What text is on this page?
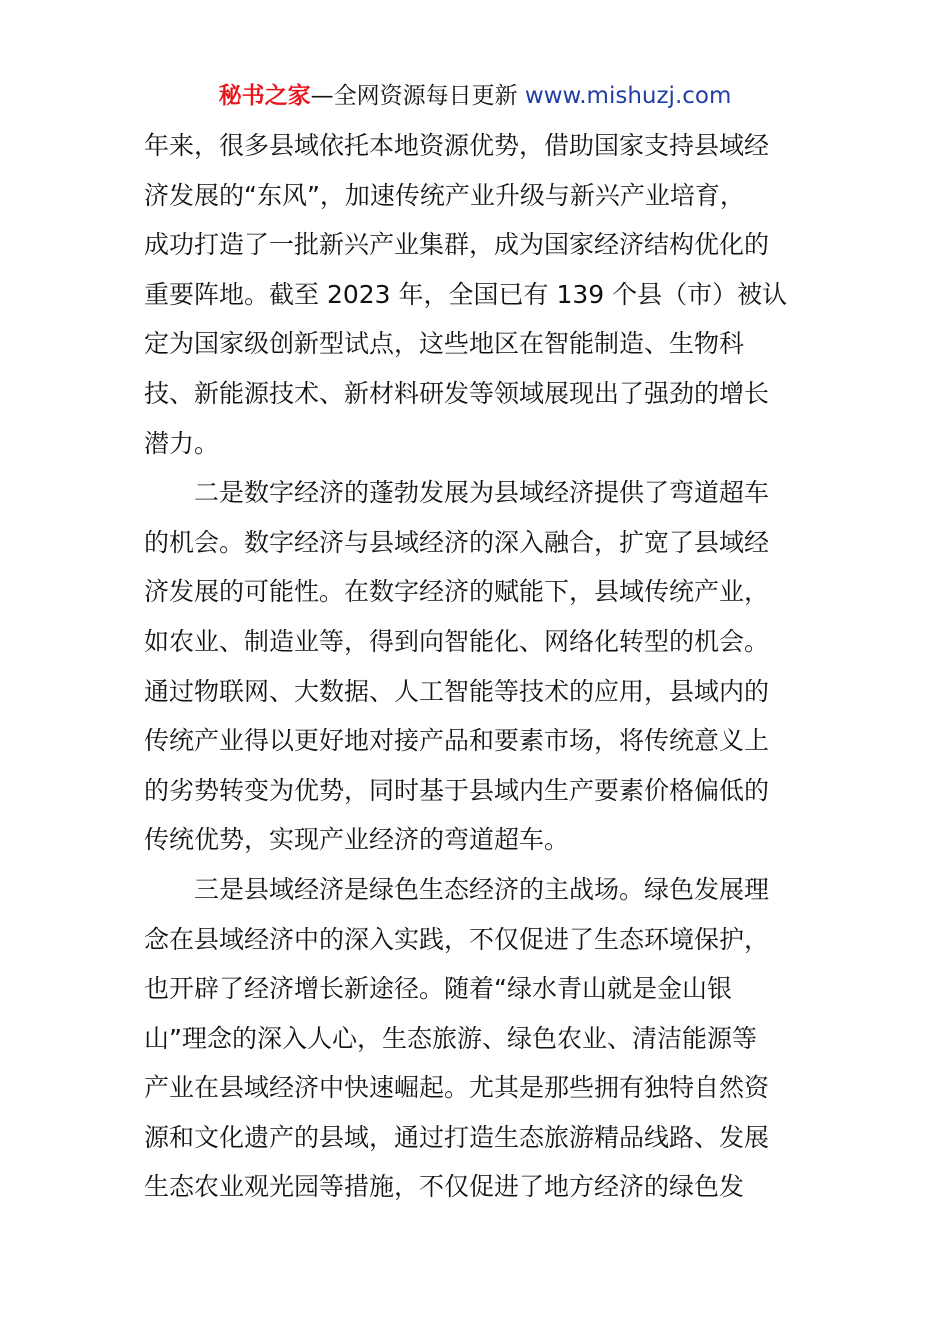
秘书之家—全网资源每日更新 www.mishuzj.com
年来，很多县域依托本地资源优势，借助国家支持县域经
济发展的“东风”，加速传统产业升级与新兴产业培育，
成功打造了一批新兴产业集群，成为国家经济结构优化的
重要阵地。截至 2023 年，全国已有 139 个县（市）被认
定为国家级创新型试点，这些地区在智能制造、生物科
技、新能源技术、新材料研发等领域展现出了强劲的增长
潜力。
二是数字经济的蓬勃发展为县域经济提供了弯道超车
的机会。数字经济与县域经济的深入融合，扩宽了县域经
济发展的可能性。在数字经济的赋能下，县域传统产业，
如农业、制造业等，得到向智能化、网络化转型的机会。
通过物联网、大数据、人工智能等技术的应用，县域内的
传统产业得以更好地对接产品和要素市场，将传统意义上
的劣势转变为优势，同时基于县域内生产要素价格偏低的
传统优势，实现产业经济的弯道超车。
三是县域经济是绿色生态经济的主战场。绿色发展理
念在县域经济中的深入实践，不仅促进了生态环境保护，
也开辟了经济增长新途径。随着“绿水青山就是金山银
山”理念的深入人心，生态旅游、绿色农业、清洁能源等
产业在县域经济中快速崛起。尤其是那些拥有独特自然资
源和文化遗产的县域，通过打造生态旅游精品线路、发展
生态农业观光园等措施，不仅促进了地方经济的绿色发
